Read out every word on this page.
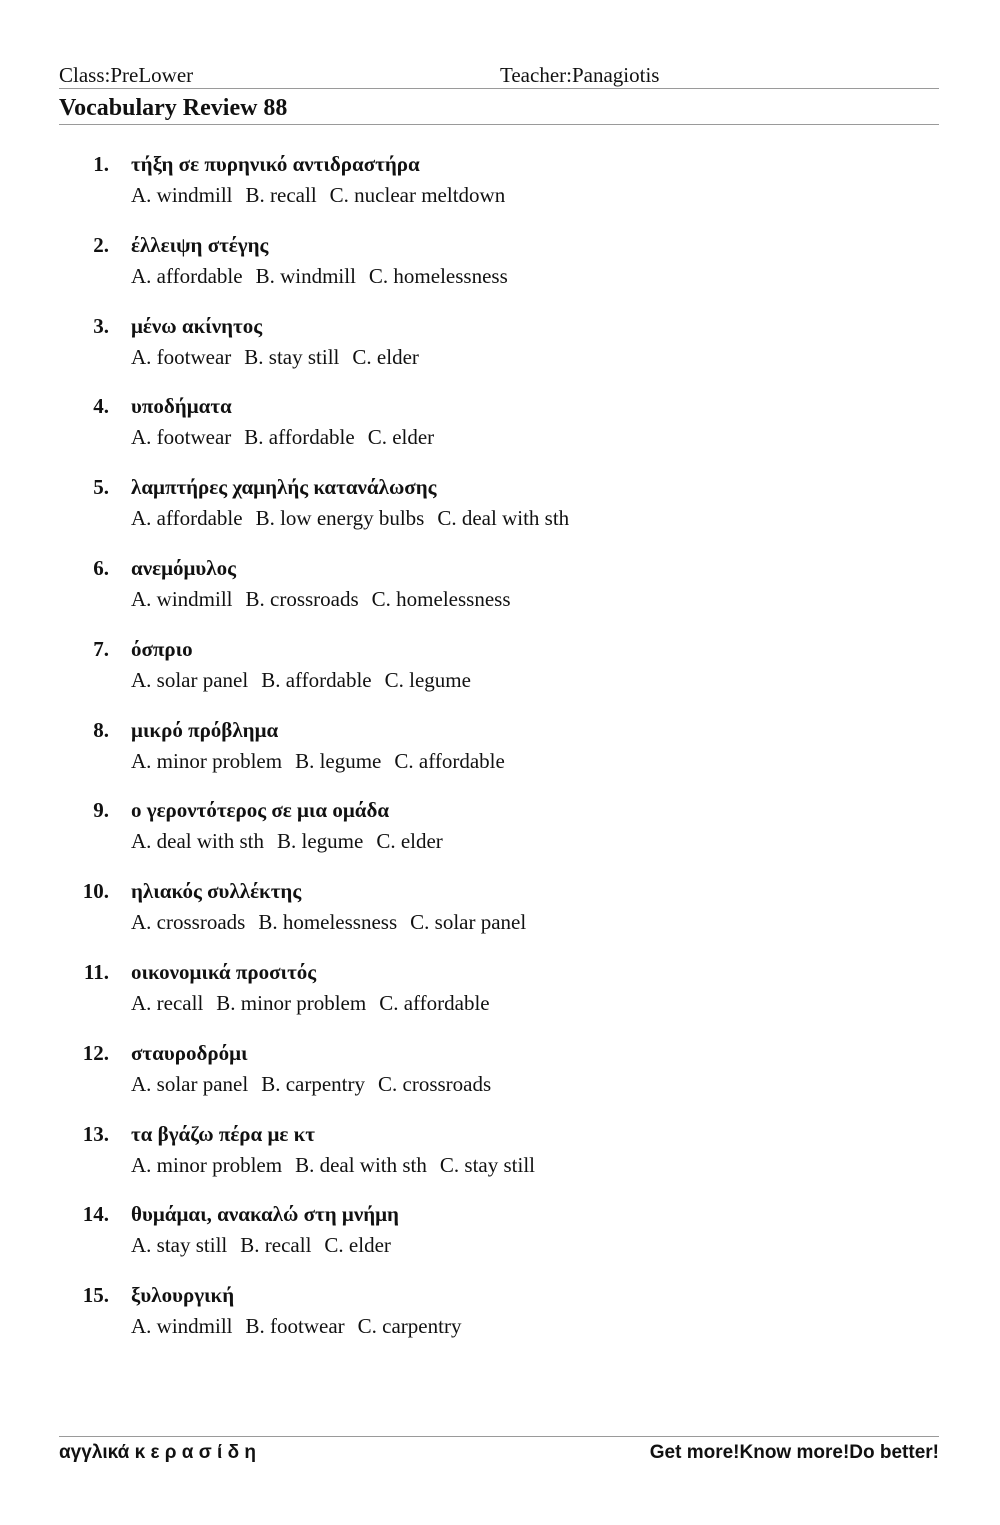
Class:PreLower	Teacher:Panagiotis
Vocabulary Review 88
1. τήξη σε πυρηνικό αντιδραστήρα
A. windmill B. recall C. nuclear meltdown
2. έλλειψη στέγης
A. affordable B. windmill C. homelessness
3. μένω ακίνητος
A. footwear B. stay still C. elder
4. υποδήματα
A. footwear B. affordable C. elder
5. λαμπτήρες χαμηλής κατανάλωσης
A. affordable B. low energy bulbs C. deal with sth
6. ανεμόμυλος
A. windmill B. crossroads C. homelessness
7. όσπριο
A. solar panel B. affordable C. legume
8. μικρό πρόβλημα
A. minor problem B. legume C. affordable
9. ο γεροντότερος σε μια ομάδα
A. deal with sth B. legume C. elder
10. ηλιακός συλλέκτης
A. crossroads B. homelessness C. solar panel
11. οικονομικά προσιτός
A. recall B. minor problem C. affordable
12. σταυροδρόμι
A. solar panel B. carpentry C. crossroads
13. τα βγάζω πέρα με κτ
A. minor problem B. deal with sth C. stay still
14. θυμάμαι, ανακαλώ στη μνήμη
A. stay still B. recall C. elder
15. ξυλουργική
A. windmill B. footwear C. carpentry
αγγλικά κ ε ρ α σ ί δ η	Get more!Know more!Do better!
